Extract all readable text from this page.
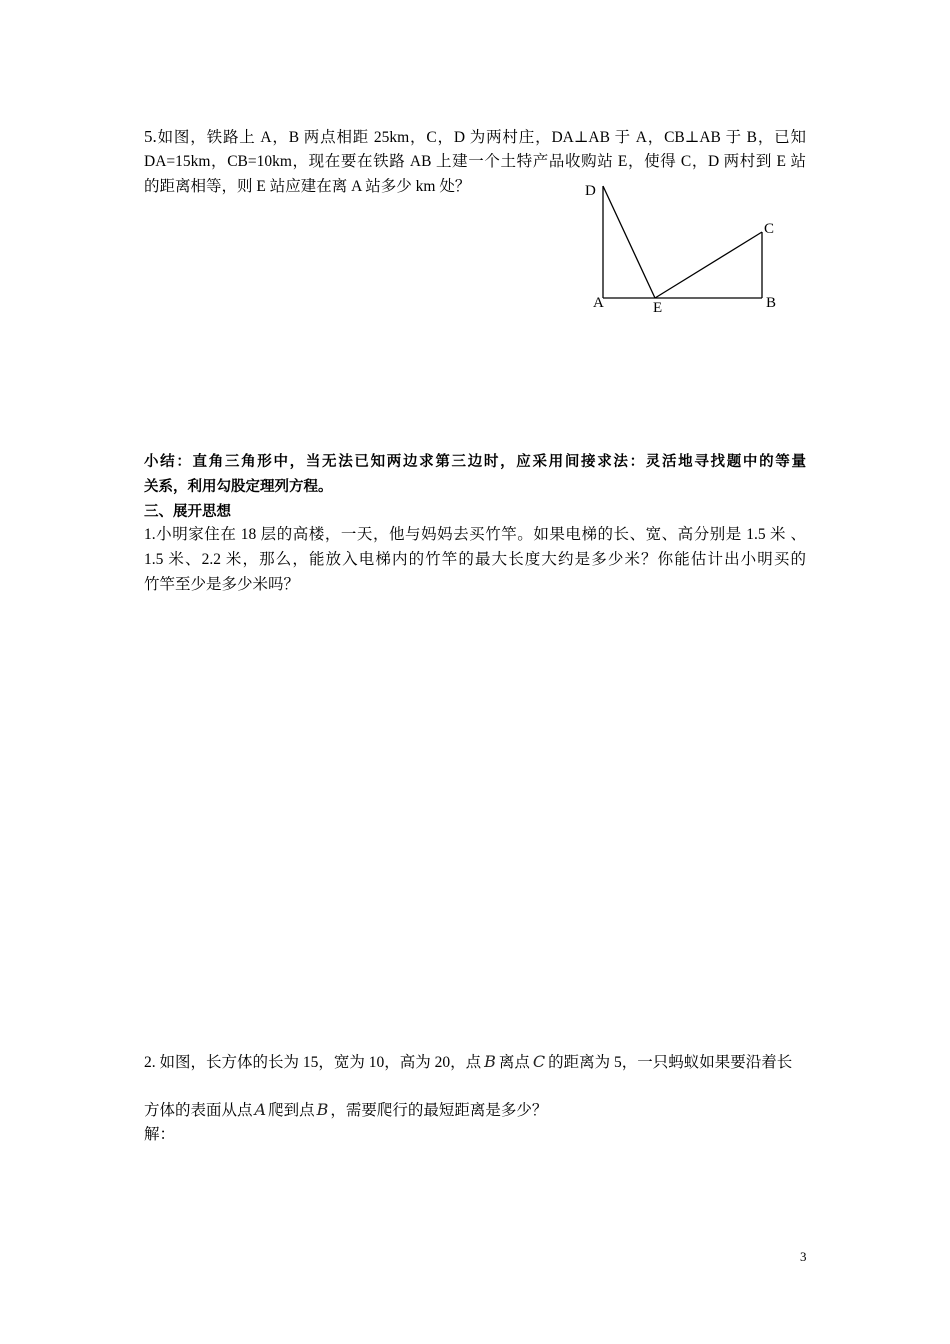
5.如图，铁路上 A，B 两点相距 25km，C，D 为两村庄，DA⊥AB 于 A，CB⊥AB 于 B，已知
DA=15km，CB=10km，现在要在铁路 AB 上建一个土特产品收购站 E，使得 C，D 两村到 E 站
的距离相等，则 E 站应建在离 A 站多少 km 处？	D
C
A	E	B
小结：直角三角形中，当无法已知两边求第三边时，应采用间接求法：灵活地寻找题中的等量
关系，利用勾股定理列方程。
三、展开思想
1.小明家住在 18 层的高楼，一天，他与妈妈去买竹竿。如果电梯的长、宽、高分别是 1.5 米 、
1.5 米、2.2 米，那么，能放入电梯内的竹竿的最大长度大约是多少米？你能估计出小明买的
竹竿至少是多少米吗？
2. 如图，长方体的长为 15，宽为 10，高为 20，点 B 离点 C 的距离为 5，一只蚂蚁如果要沿着长
方体的表面从点 A 爬到点 B ，需要爬行的最短距离是多少？
解：
3
